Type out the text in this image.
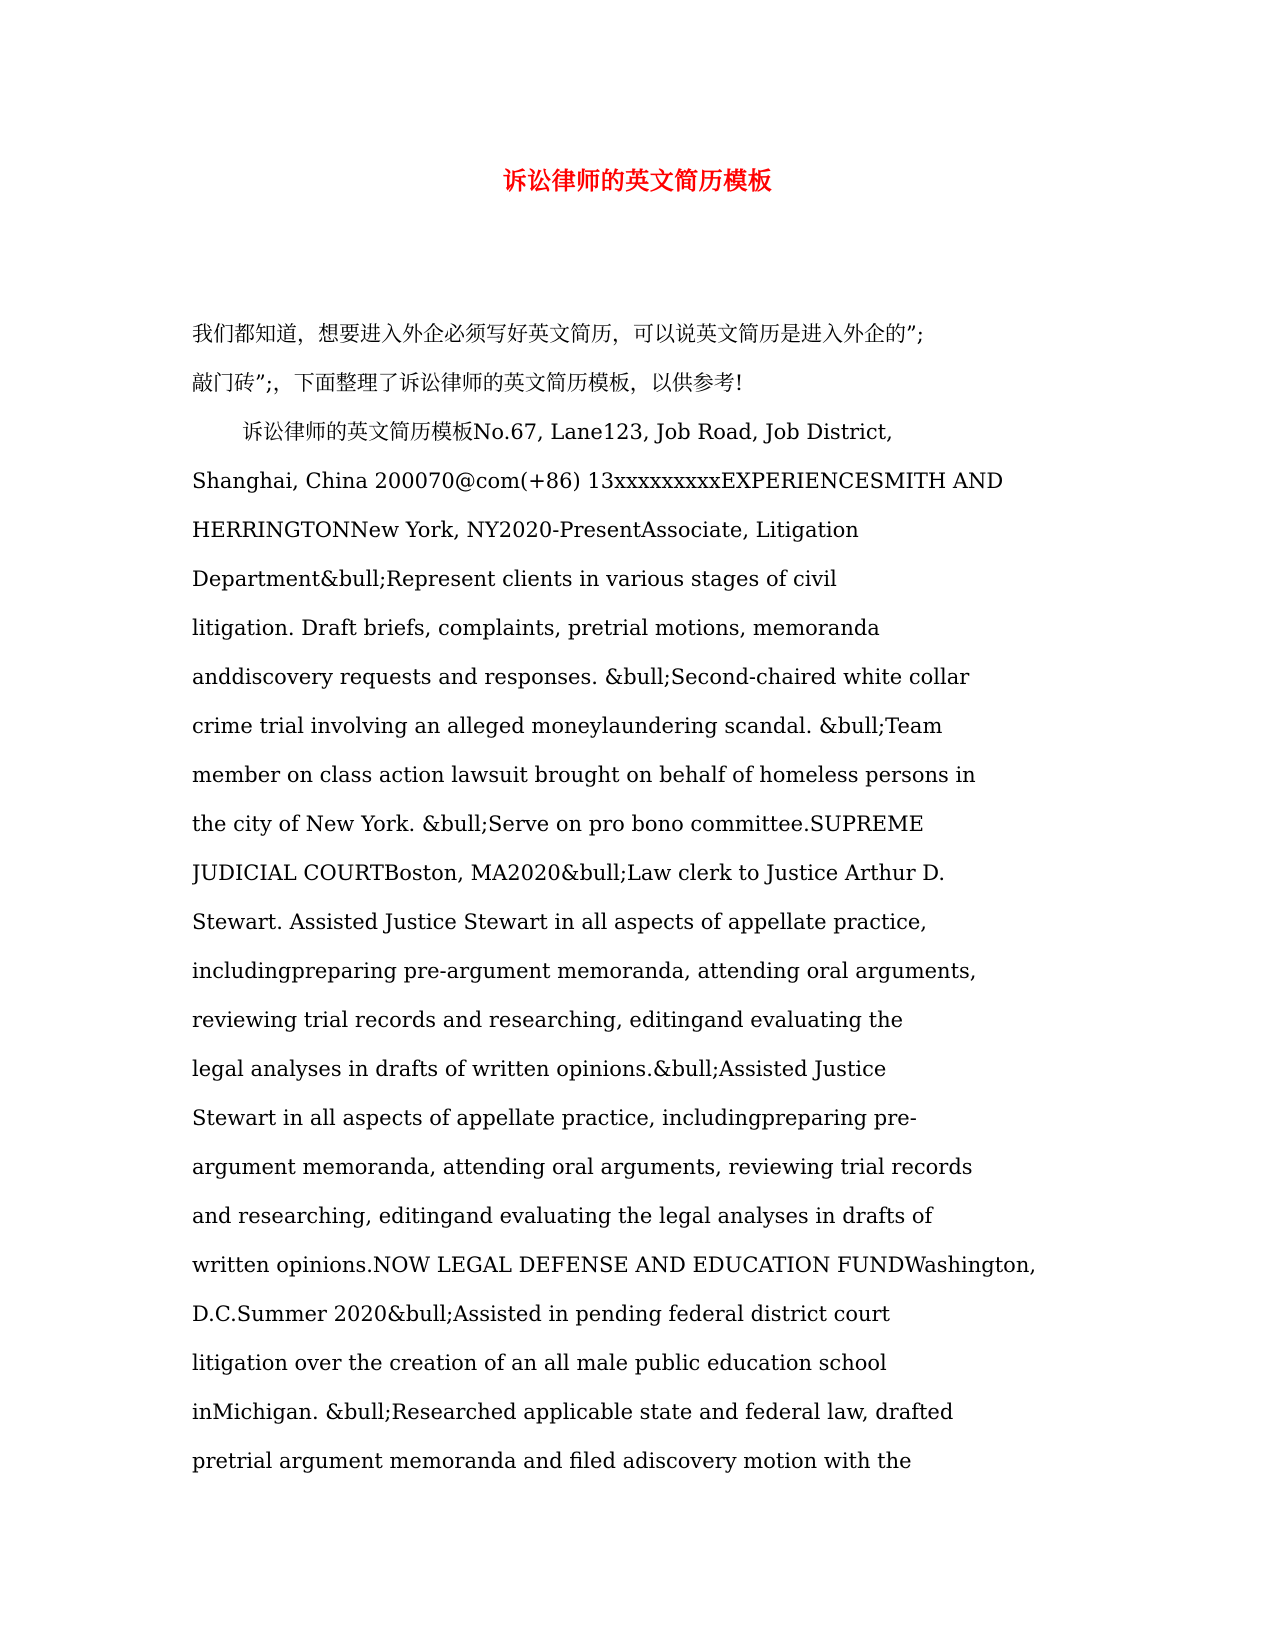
诉讼律师的英文简历模板
我们都知道，想要进入外企必须写好英文简历，可以说英文简历是进入外企的”;
敲门砖”;，下面整理了诉讼律师的英文简历模板，以供参考!
诉讼律师的英文简历模板No.67, Lane123, Job Road, Job District,
Shanghai, China 200070@com(+86) 13xxxxxxxxxEXPERIENCESMITH AND
HERRINGTONNew York, NY2020-PresentAssociate, Litigation
Department&bull;Represent clients in various stages of civil
litigation. Draft briefs, complaints, pretrial motions, memoranda
anddiscovery requests and responses. &bull;Second-chaired white collar
crime trial involving an alleged moneylaundering scandal. &bull;Team
member on class action lawsuit brought on behalf of homeless persons in
the city of New York. &bull;Serve on pro bono committee.SUPREME
JUDICIAL COURTBoston, MA2020&bull;Law clerk to Justice Arthur D.
Stewart. Assisted Justice Stewart in all aspects of appellate practice,
includingpreparing pre-argument memoranda, attending oral arguments,
reviewing trial records and researching, editingand evaluating the
legal analyses in drafts of written opinions.&bull;Assisted Justice
Stewart in all aspects of appellate practice, includingpreparing pre-
argument memoranda, attending oral arguments, reviewing trial records
and researching, editingand evaluating the legal analyses in drafts of
written opinions.NOW LEGAL DEFENSE AND EDUCATION FUNDWashington,
D.C.Summer 2020&bull;Assisted in pending federal district court
litigation over the creation of an all male public education school
inMichigan. &bull;Researched applicable state and federal law, drafted
pretrial argument memoranda and filed adiscovery motion with the
